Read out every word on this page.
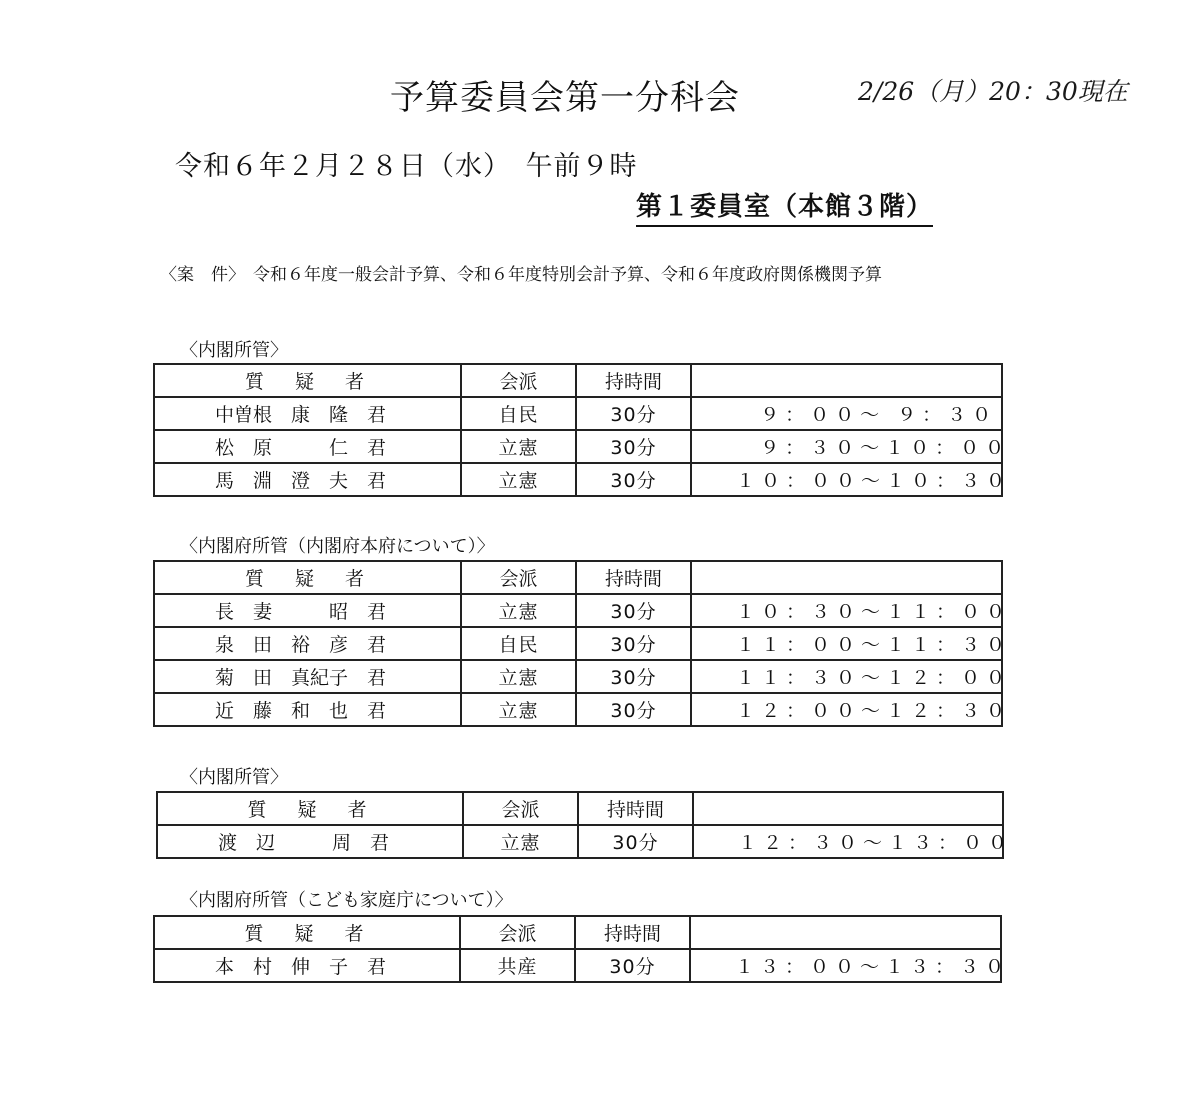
予算委員会第一分科会	2/26（月）20：30現在
令和６年２月２８日（水）　午前９時
第１委員室（本館３階）
〈案　件〉 令和６年度一般会計予算、令和６年度特別会計予算、令和６年度政府関係機関予算
〈内閣所管〉
質　疑　者	会派	持時間	
中曽根　康　隆　君	自民	30分	９：００～ ９：３０
松　原　　　仁　君	立憲	30分	９：３０～１０：００
馬　淵　澄　夫　君	立憲	30分	１０：００～１０：３０
〈内閣府所管（内閣府本府について）〉
質　疑　者	会派	持時間	
長　妻　　　昭　君	立憲	30分	１０：３０～１１：００
泉　田　裕　彦　君	自民	30分	１１：００～１１：３０
菊　田　真紀子　君	立憲	30分	１１：３０～１２：００
近　藤　和　也　君	立憲	30分	１２：００～１２：３０
〈内閣所管〉
質　疑　者	会派	持時間	
渡　辺　　　周　君	立憲	30分	１２：３０～１３：００
〈内閣府所管（こども家庭庁について）〉
質　疑　者	会派	持時間	
本　村　伸　子　君	共産	30分	１３：００～１３：３０
